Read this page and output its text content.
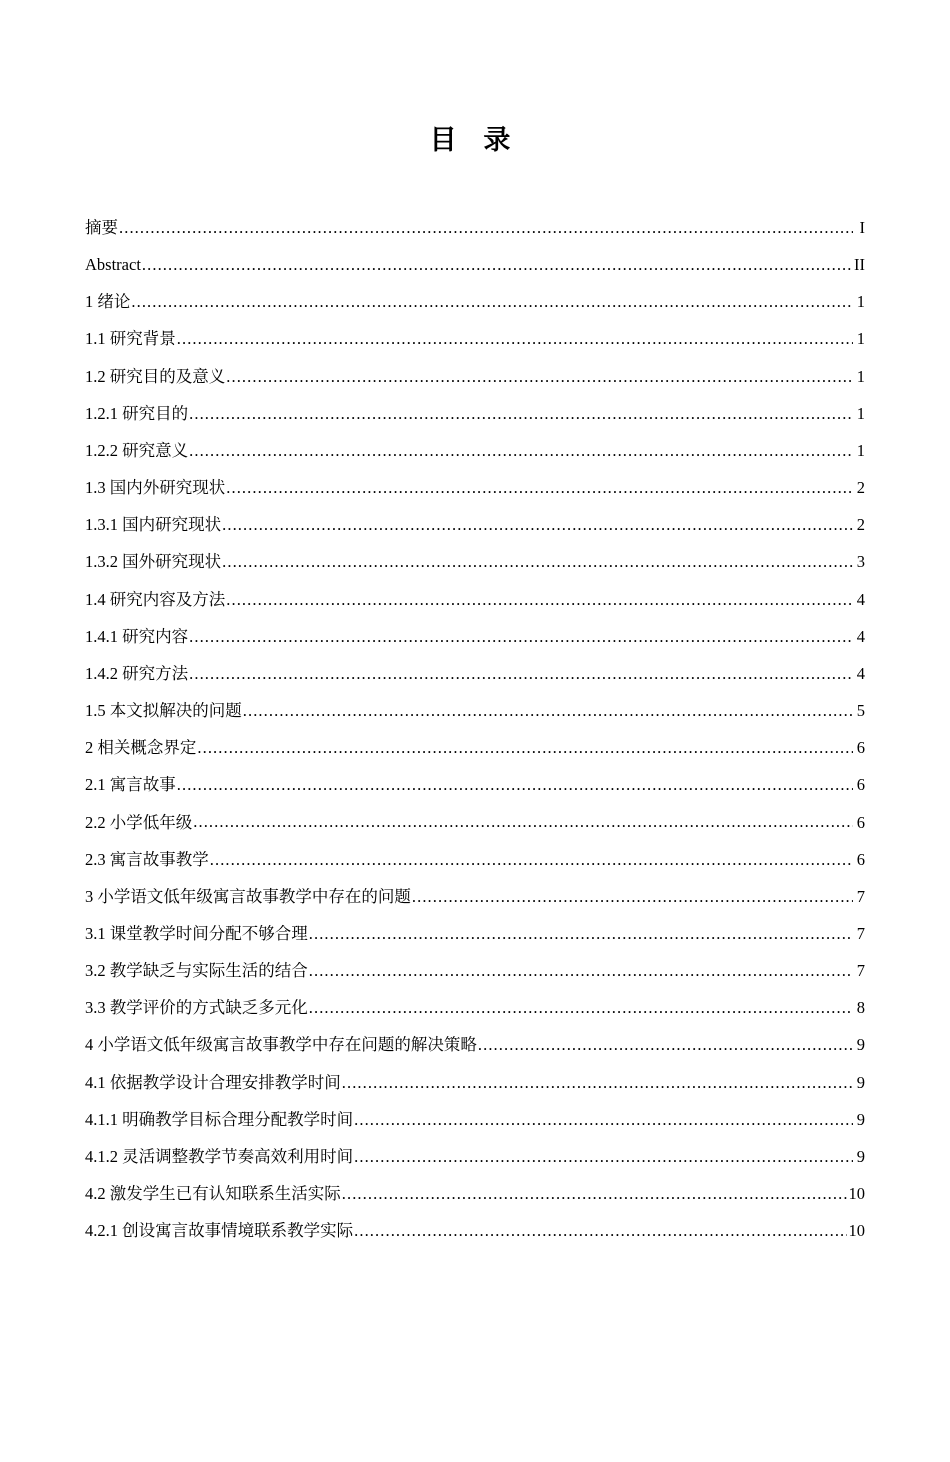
目 录
摘要 .....	I
Abstract .....	II
1 绪论 .....	1
1.1 研究背景 .....	1
1.2 研究目的及意义 .....	1
1.2.1 研究目的 .....	1
1.2.2 研究意义 .....	1
1.3 国内外研究现状 .....	2
1.3.1 国内研究现状 .....	2
1.3.2 国外研究现状 .....	3
1.4 研究内容及方法 .....	4
1.4.1 研究内容 .....	4
1.4.2 研究方法 .....	4
1.5 本文拟解决的问题 .....	5
2 相关概念界定 .....	6
2.1 寓言故事 .....	6
2.2 小学低年级 .....	6
2.3 寓言故事教学 .....	6
3 小学语文低年级寓言故事教学中存在的问题 .....	7
3.1 课堂教学时间分配不够合理 .....	7
3.2 教学缺乏与实际生活的结合 .....	7
3.3 教学评价的方式缺乏多元化 .....	8
4 小学语文低年级寓言故事教学中存在问题的解决策略 .....	9
4.1 依据教学设计合理安排教学时间 .....	9
4.1.1 明确教学目标合理分配教学时间 .....	9
4.1.2 灵活调整教学节奏高效利用时间 .....	9
4.2 激发学生已有认知联系生活实际 .....	10
4.2.1 创设寓言故事情境联系教学实际 .....	10
